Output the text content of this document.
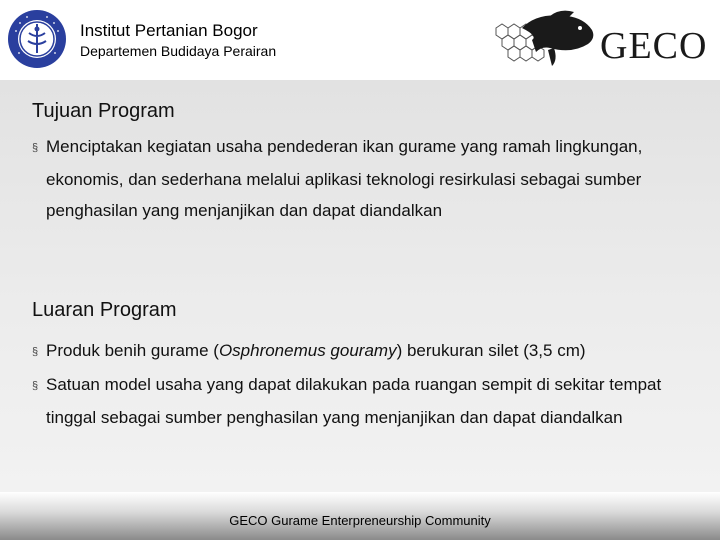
Institut Pertanian Bogor
Departemen Budidaya Perairan	GECO
Tujuan Program
§ Menciptakan kegiatan usaha pendederan ikan gurame yang ramah lingkungan, ekonomis, dan sederhana melalui aplikasi teknologi resirkulasi sebagai sumber penghasilan yang menjanjikan dan dapat diandalkan
Luaran Program
§ Produk benih gurame (Osphronemus gouramy) berukuran silet (3,5 cm)
§ Satuan model usaha yang dapat dilakukan pada ruangan sempit di sekitar tempat tinggal sebagai sumber penghasilan yang menjanjikan dan dapat diandalkan
GECO Gurame Enterpreneurship Community
